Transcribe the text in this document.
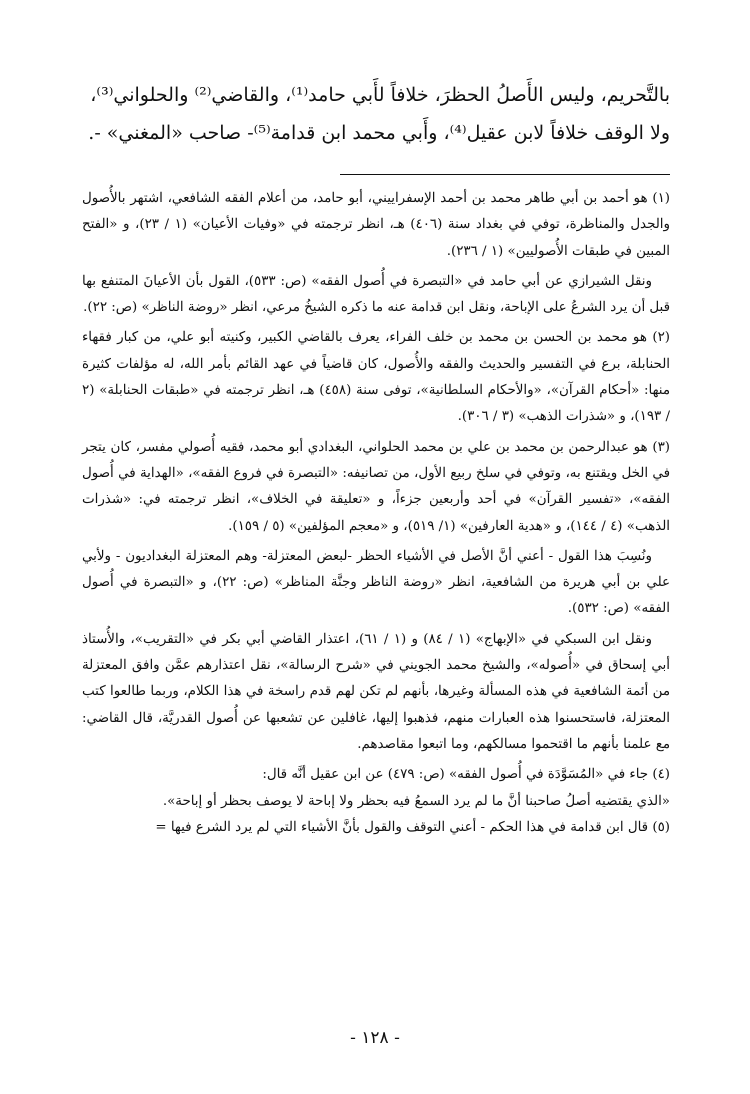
بالتَّحريم، وليس الأَصلُ الحظرَ، خلافاً لأَبي حامد⁽¹⁾، والقاضي⁽²⁾ والحلواني⁽³⁾،

ولا الوقف خلافاً لابن عقيل⁽⁴⁾، وأَبي محمد ابن قدامة⁽⁵⁾- صاحب «المغني» -.

(١) هو أحمد بن أبي طاهر محمد بن أحمد الإسفراييني، أبو حامد، من أعلام الفقه الشافعي، اشتهر بالأُصول والجدل والمناظرة، توفي في بغداد سنة (٤٠٦) هـ، انظر ترجمته في «وفيات الأعيان» (١ / ٢٣)، و «الفتح المبين في طبقات الأُصوليين» (١ / ٢٣٦).

ونقل الشيرازي عن أبي حامد في «التبصرة في أُصول الفقه» (ص: ٥٣٣)، القول بأن الأعيانَ المتنفع بها قبل أن يرد الشرعُ على الإباحة، ونقل ابن قدامة عنه ما ذكره الشيخُ مرعي، انظر «روضة الناظر» (ص: ٢٢).

(٢) هو محمد بن الحسن بن محمد بن خلف الفراء، يعرف بالقاضي الكبير، وكنيته أبو علي، من كبار فقهاء الحنابلة، برع في التفسير والحديث والفقه والأُصول، كان قاضياً في عهد القائم بأمر الله، له مؤلفات كثيرة منها: «أحكام القرآن»، «والأحكام السلطانية»، توفى سنة (٤٥٨) هـ، انظر ترجمته في «طبقات الحنابلة» (٢ / ١٩٣)، و «شذرات الذهب» (٣ / ٣٠٦).

(٣) هو عبدالرحمن بن محمد بن علي بن محمد الحلواني، البغدادي أبو محمد، فقيه أُصولي مفسر، كان يتجر في الخل ويقتنع به، وتوفي في سلخ ربيع الأول، من تصانيفه: «التبصرة في فروع الفقه»، «الهداية في أُصول الفقه»، «تفسير القرآن» في أحد وأربعين جزءاً، و «تعليقة في الخلاف»، انظر ترجمته في: «شذرات الذهب» (٤ / ١٤٤)، و «هدية العارفين» (١/ ٥١٩)، و «معجم المؤلفين» (٥ / ١٥٩).

ونُسِبَ هذا القول - أعني أنَّ الأصل في الأشياء الحظر -لبعض المعتزلة- وهم المعتزلة البغداديون - ولأبي علي بن أبي هريرة من الشافعية، انظر «روضة الناظر وجنَّة المناظر» (ص: ٢٢)، و «التبصرة في أُصول الفقه» (ص: ٥٣٢).

ونقل ابن السبكي في «الإبهاج» (١ / ٨٤) و (١ / ٦١)، اعتذار القاضي أبي بكر في «التقريب»، والأُستاذ أبي إسحاق في «أُصوله»، والشيخ محمد الجويني في «شرح الرسالة»، نقل اعتذارهم عمَّن وافق المعتزلة من أئمة الشافعية في هذه المسألة وغيرها، بأنهم لم تكن لهم قدم راسخة في هذا الكلام، وربما طالعوا كتب المعتزلة، فاستحسنوا هذه العبارات منهم، فذهبوا إليها، غافلين عن تشعبها عن أُصول القدريَّة، قال القاضي: مع علمنا بأنهم ما اقتحموا مسالكهم، وما اتبعوا مقاصدهم.

(٤) جاء في «المُسَوَّدَة في أُصول الفقه» (ص: ٤٧٩) عن ابن عقيل أنَّه قال:

«الذي يقتضيه أصلُ صاحبنا أنَّ ما لم يرد السمعُ فيه بحظر ولا إباحة لا يوصف بحظر أو إباحة».

(٥) قال ابن قدامة في هذا الحكم - أعني التوقف والقول بأنَّ الأشياء التي لم يرد الشرع فيها =

- ١٢٨ -
